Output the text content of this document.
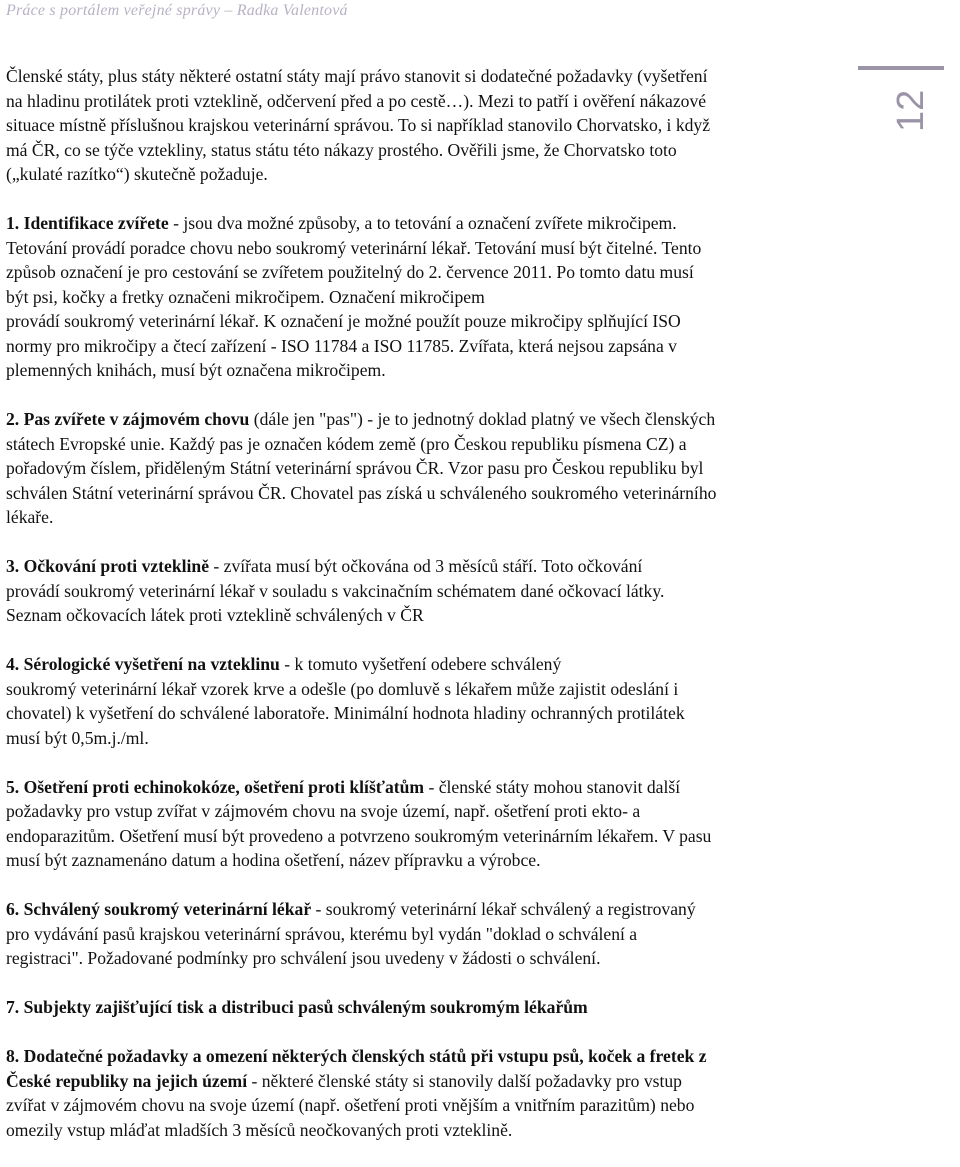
Práce s portálem veřejné správy – Radka Valentová
12

Členské státy, plus státy některé ostatní státy mají právo stanovit si dodatečné požadavky (vyšetření
na hladinu protilátek proti vzteklině, odčervení před a po cestě…). Mezi to patří i ověření nákazové
situace místně příslušnou krajskou veterinární správou. To si například stanovilo Chorvatsko, i když
má ČR, co se týče vztekliny, status státu této nákazy prostého. Ověřili jsme, že Chorvatsko toto
(„kulaté razítko“) skutečně požaduje.

1. Identifikace zvířete - jsou dva možné způsoby, a to tetování a označení zvířete mikročipem.
Tetování provádí poradce chovu nebo soukromý veterinární lékař. Tetování musí být čitelné. Tento
způsob označení je pro cestování se zvířetem použitelný do 2. července 2011. Po tomto datu musí
být psi, kočky a fretky označeni mikročipem. Označení mikročipem
provádí soukromý veterinární lékař. K označení je možné použít pouze mikročipy splňující ISO
normy pro mikročipy a čtecí zařízení - ISO 11784 a ISO 11785. Zvířata, která nejsou zapsána v
plemenných knihách, musí být označena mikročipem.

2. Pas zvířete v zájmovém chovu (dále jen "pas") - je to jednotný doklad platný ve všech členských
státech Evropské unie. Každý pas je označen kódem země (pro Českou republiku písmena CZ) a
pořadovým číslem, přiděleným Státní veterinární správou ČR. Vzor pasu pro Českou republiku byl
schválen Státní veterinární správou ČR. Chovatel pas získá u schváleného soukromého veterinárního
lékaře.

3. Očkování proti vzteklině - zvířata musí být očkována od 3 měsíců stáří. Toto očkování
provádí soukromý veterinární lékař v souladu s vakcinačním schématem dané očkovací látky.
Seznam očkovacích látek proti vzteklině schválených v ČR

4. Sérologické vyšetření na vzteklinu - k tomuto vyšetření odebere schválený
soukromý veterinární lékař vzorek krve a odešle (po domluvě s lékařem může zajistit odeslání i
chovatel) k vyšetření do schválené laboratoře. Minimální hodnota hladiny ochranných protilátek
musí být 0,5m.j./ml.

5. Ošetření proti echinokokóze, ošetření proti klíšťatům - členské státy mohou stanovit další
požadavky pro vstup zvířat v zájmovém chovu na svoje území, např. ošetření proti ekto- a
endoparazitům. Ošetření musí být provedeno a potvrzeno soukromým veterinárním lékařem. V pasu
musí být zaznamenáno datum a hodina ošetření, název přípravku a výrobce.

6. Schválený soukromý veterinární lékař - soukromý veterinární lékař schválený a registrovaný
pro vydávání pasů krajskou veterinární správou, kterému byl vydán "doklad o schválení a
registraci". Požadované podmínky pro schválení jsou uvedeny v žádosti o schválení.

7. Subjekty zajišťující tisk a distribuci pasů schváleným soukromým lékařům

8. Dodatečné požadavky a omezení některých členských států při vstupu psů, koček a fretek z
České republiky na jejich území - některé členské státy si stanovily další požadavky pro vstup
zvířat v zájmovém chovu na svoje území (např. ošetření proti vnějším a vnitřním parazitům) nebo
omezily vstup mláďat mladších 3 měsíců neočkovaných proti vzteklině.
